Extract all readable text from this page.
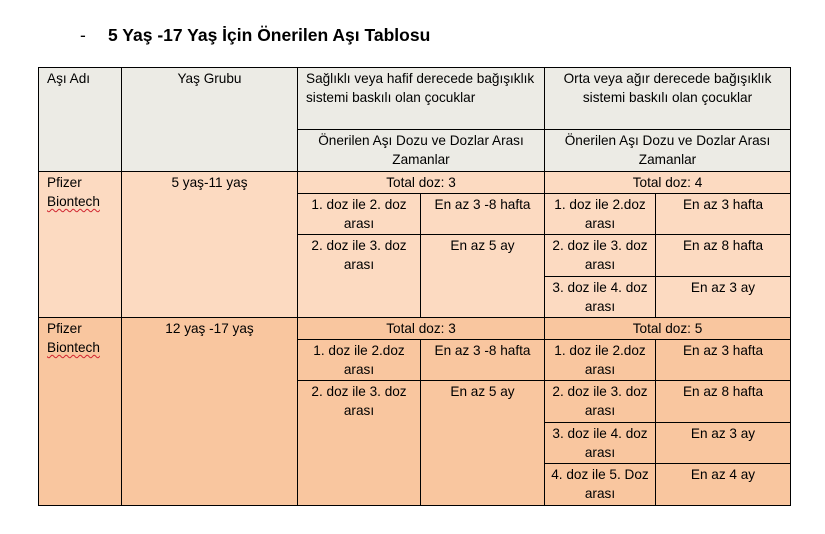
- 5 Yaş -17 Yaş İçin Önerilen Aşı Tablosu
Aşı Adı	Yaş Grubu	Sağlıklı veya hafif derecede bağışıklık sistemi baskılı olan çocuklar		Orta veya ağır derecede bağışıklık sistemi baskılı olan çocuklar	
		Önerilen Aşı Dozu ve Dozlar Arası Zamanlar		Önerilen Aşı Dozu ve Dozlar Arası Zamanlar	
Pfizer
Biontech	5 yaş-11 yaş	Total doz: 3		Total doz: 4	
		1. doz ile 2. doz arası	En az 3 -8 hafta	1. doz ile 2.doz arası	En az 3 hafta
		2. doz ile 3. doz arası	En az 5 ay	2. doz ile 3. doz arası	En az 8 hafta
				3. doz ile 4. doz arası	En az 3 ay
Pfizer
Biontech	12 yaş -17 yaş	Total doz: 3		Total doz: 5	
		1. doz ile 2.doz arası	En az 3 -8 hafta	1. doz ile 2.doz arası	En az 3 hafta
		2. doz ile 3. doz arası	En az 5 ay	2. doz ile 3. doz arası	En az 8 hafta
				3. doz ile 4. doz arası	En az 3 ay
				4. doz ile 5. Doz arası	En az 4 ay
